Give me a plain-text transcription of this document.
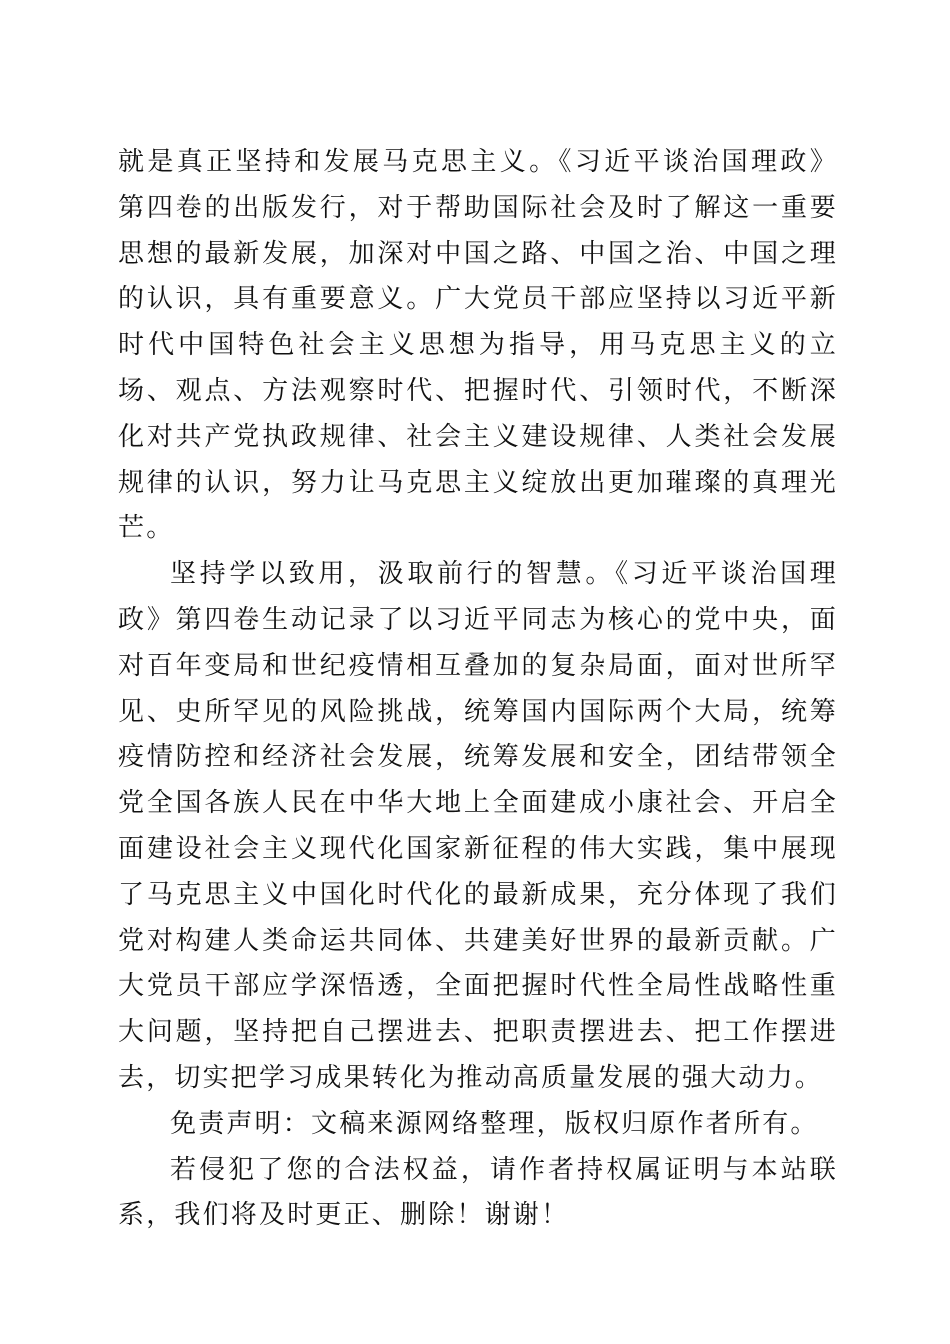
就是真正坚持和发展马克思主义。《习近平谈治国理政》第四卷的出版发行，对于帮助国际社会及时了解这一重要思想的最新发展，加深对中国之路、中国之治、中国之理的认识，具有重要意义。广大党员干部应坚持以习近平新时代中国特色社会主义思想为指导，用马克思主义的立场、观点、方法观察时代、把握时代、引领时代，不断深化对共产党执政规律、社会主义建设规律、人类社会发展规律的认识，努力让马克思主义绽放出更加璀璨的真理光芒。

坚持学以致用，汲取前行的智慧。《习近平谈治国理政》第四卷生动记录了以习近平同志为核心的党中央，面对百年变局和世纪疫情相互叠加的复杂局面，面对世所罕见、史所罕见的风险挑战，统筹国内国际两个大局，统筹疫情防控和经济社会发展，统筹发展和安全，团结带领全党全国各族人民在中华大地上全面建成小康社会、开启全面建设社会主义现代化国家新征程的伟大实践，集中展现了马克思主义中国化时代化的最新成果，充分体现了我们党对构建人类命运共同体、共建美好世界的最新贡献。广大党员干部应学深悟透，全面把握时代性全局性战略性重大问题，坚持把自己摆进去、把职责摆进去、把工作摆进去，切实把学习成果转化为推动高质量发展的强大动力。

免责声明：文稿来源网络整理，版权归原作者所有。

若侵犯了您的合法权益，请作者持权属证明与本站联系，我们将及时更正、删除！谢谢！
